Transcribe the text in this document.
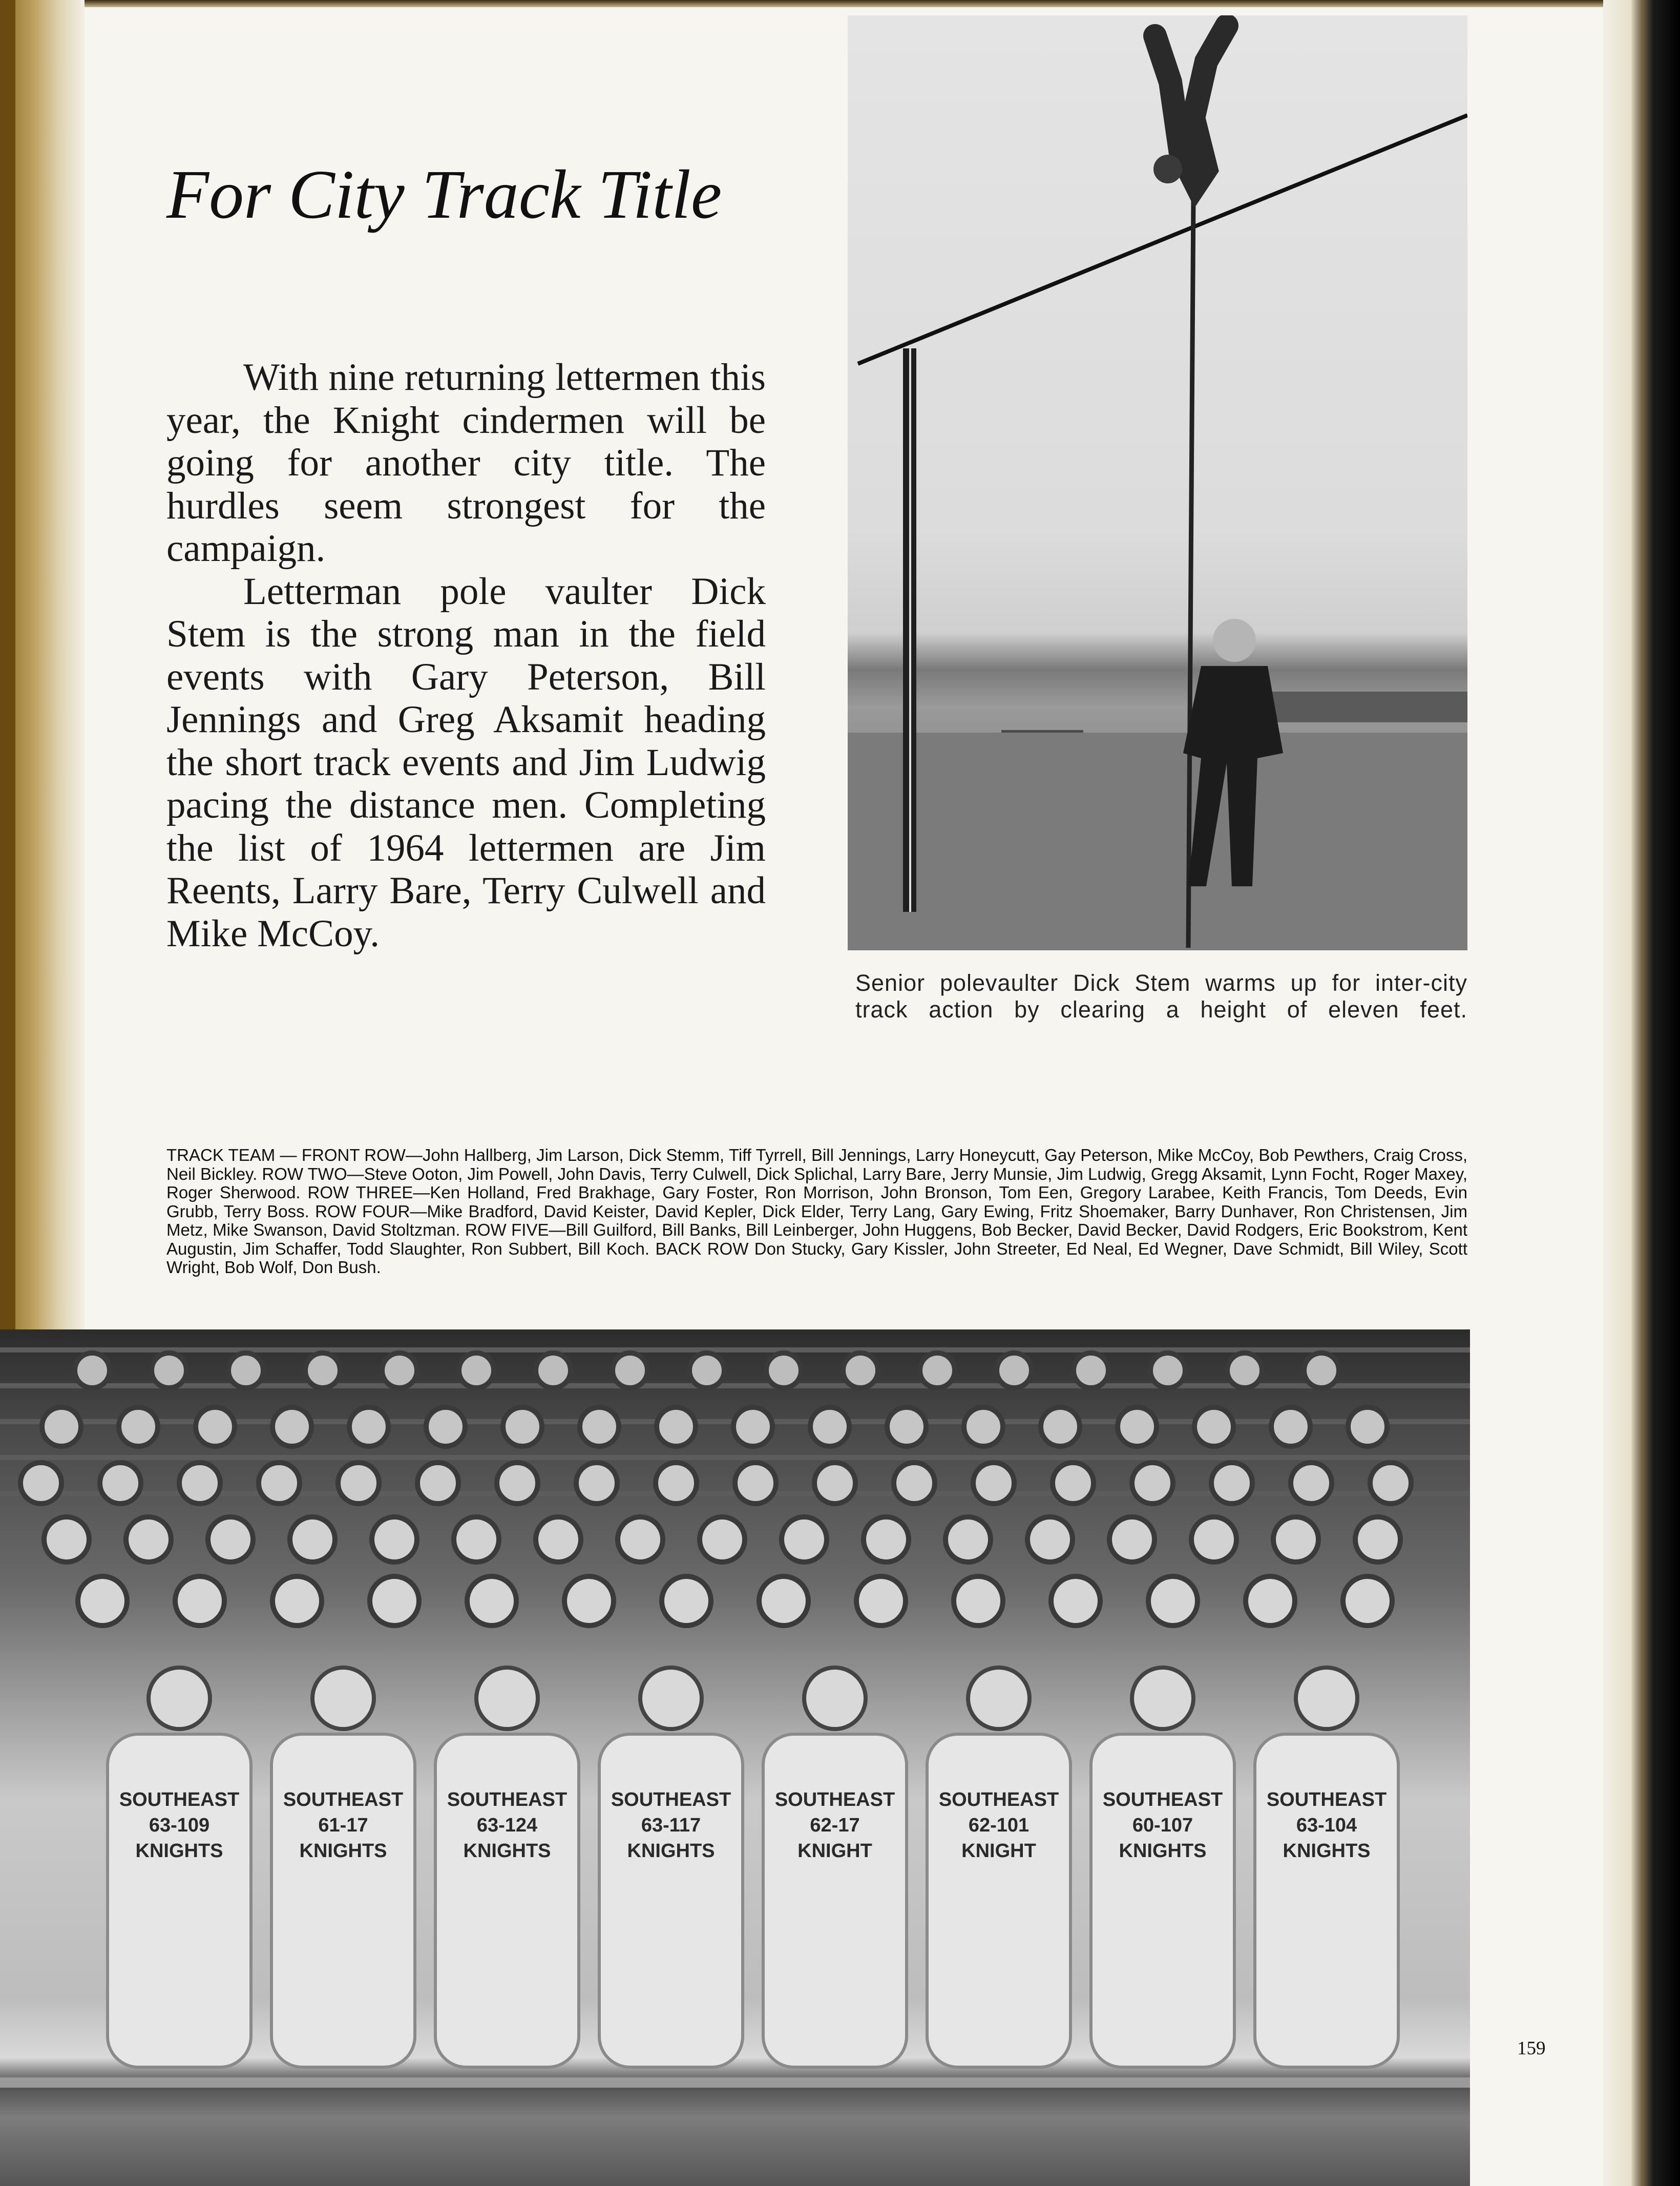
For City Track Title

With nine returning lettermen this year, the Knight cindermen will be going for another city title. The hurdles seem strongest for the campaign.

Letterman pole vaulter Dick Stem is the strong man in the field events with Gary Peterson, Bill Jennings and Greg Aksamit heading the short track events and Jim Ludwig pacing the distance men. Completing the list of 1964 lettermen are Jim Reents, Larry Bare, Terry Culwell and Mike McCoy.

Senior polevaulter Dick Stem warms up for inter-city track action by clearing a height of eleven feet.
TRACK TEAM — FRONT ROW—John Hallberg, Jim Larson, Dick Stemm, Tiff Tyrrell, Bill Jennings, Larry Honeycutt, Gay Peterson, Mike McCoy, Bob Pewthers, Craig Cross, Neil Bickley. ROW TWO—Steve Ooton, Jim Powell, John Davis, Terry Culwell, Dick Splichal, Larry Bare, Jerry Munsie, Jim Ludwig, Gregg Aksamit, Lynn Focht, Roger Maxey, Roger Sherwood. ROW THREE—Ken Holland, Fred Brakhage, Gary Foster, Ron Morrison, John Bronson, Tom Een, Gregory Larabee, Keith Francis, Tom Deeds, Evin Grubb, Terry Boss. ROW FOUR—Mike Bradford, David Keister, David Kepler, Dick Elder, Terry Lang, Gary Ewing, Fritz Shoemaker, Barry Dunhaver, Ron Christensen, Jim Metz, Mike Swanson, David Stoltzman. ROW FIVE—Bill Guilford, Bill Banks, Bill Leinberger, John Huggens, Bob Becker, David Becker, David Rodgers, Eric Bookstrom, Kent Augustin, Jim Schaffer, Todd Slaughter, Ron Subbert, Bill Koch. BACK ROW Don Stucky, Gary Kissler, John Streeter, Ed Neal, Ed Wegner, Dave Schmidt, Bill Wiley, Scott Wright, Bob Wolf, Don Bush.
SOUTHEAST
63-109
KNIGHTS
SOUTHEAST
61-17
KNIGHTS
SOUTHEAST
63-124
KNIGHTS
SOUTHEAST
63-117
KNIGHTS
SOUTHEAST
62-17
KNIGHT
SOUTHEAST
62-101
KNIGHT
SOUTHEAST
60-107
KNIGHTS
SOUTHEAST
63-104
KNIGHTS
159
